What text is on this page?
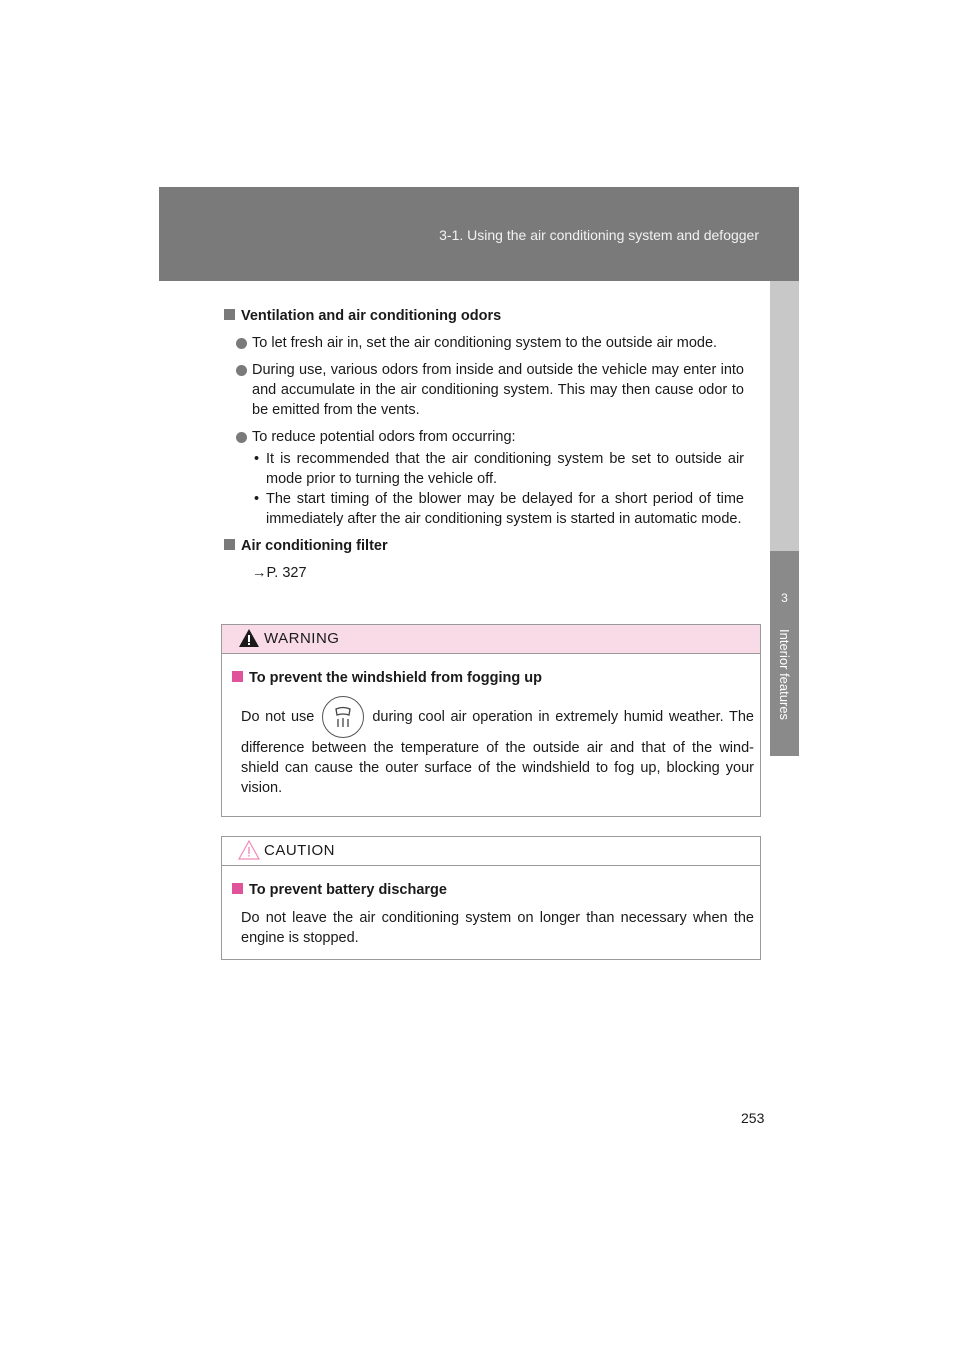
3-1. Using the air conditioning system and defogger
3
Interior features

Ventilation and air conditioning odors

To let fresh air in, set the air conditioning system to the outside air mode.
During use, various odors from inside and outside the vehicle may enter into and accumulate in the air conditioning system. This may then cause odor to be emitted from the vents.
To reduce potential odors from occurring:
• It is recommended that the air conditioning system be set to outside air mode prior to turning the vehicle off.
• The start timing of the blower may be delayed for a short period of time immediately after the air conditioning system is started in automatic mode.

Air conditioning filter

→P. 327
WARNING
To prevent the windshield from fogging up
Do not use	during cool air operation in extremely humid weather. The difference between the temperature of the outside air and that of the wind-shield can cause the outer surface of the windshield to fog up, blocking your vision.
CAUTION
To prevent battery discharge
Do not leave the air conditioning system on longer than necessary when the engine is stopped.
253
